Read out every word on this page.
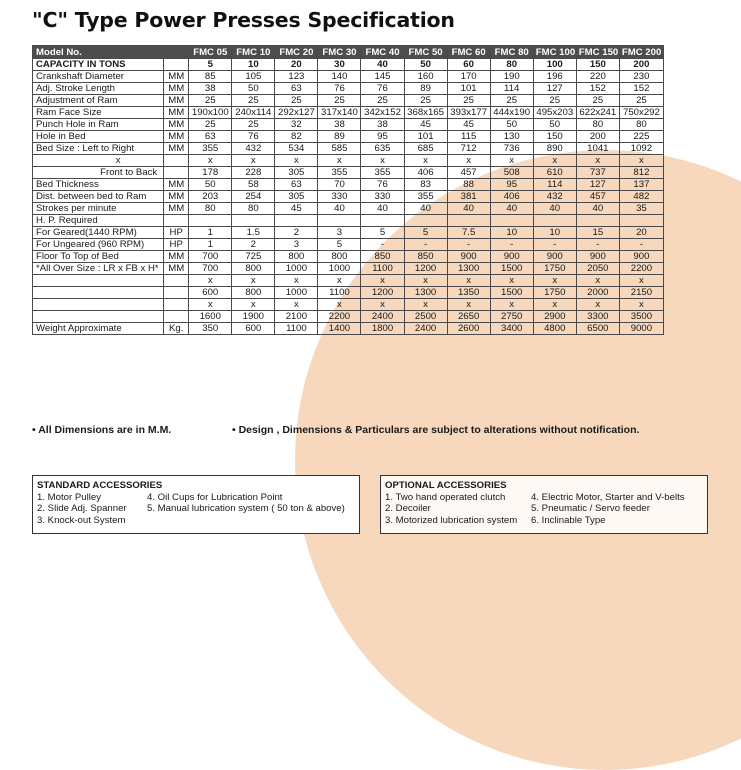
"C" Type Power Presses Specification
Model No.		FMC 05	FMC 10	FMC 20	FMC 30	FMC 40	FMC 50	FMC 60	FMC 80	FMC 100	FMC 150	FMC 200
CAPACITY IN TONS		5	10	20	30	40	50	60	80	100	150	200
Crankshaft Diameter	MM	85	105	123	140	145	160	170	190	196	220	230
Adj. Stroke Length	MM	38	50	63	76	76	89	101	114	127	152	152
Adjustment of Ram	MM	25	25	25	25	25	25	25	25	25	25	25
Ram Face Size	MM	190x100	240x114	292x127	317x140	342x152	368x165	393x177	444x190	495x203	622x241	750x292
Punch Hole in Ram	MM	25	25	32	38	38	45	45	50	50	80	80
Hole in Bed	MM	63	76	82	89	95	101	115	130	150	200	225
Bed Size : Left to Right	MM	355	432	534	585	635	685	712	736	890	1041	1092
x		x	x	x	x	x	x	x	x	x	x	x
Front to Back		178	228	305	355	355	406	457	508	610	737	812
Bed Thickness	MM	50	58	63	70	76	83	88	95	114	127	137
Dist. between bed to Ram	MM	203	254	305	330	330	355	381	406	432	457	482
Strokes per minute	MM	80	80	45	40	40	40	40	40	40	40	35
H. P. Required												
For Geared(1440 RPM)	HP	1	1.5	2	3	5	5	7.5	10	10	15	20
For Ungeared (960 RPM)	HP	1	2	3	5	-	-	-	-	-	-	-
Floor To Top of Bed	MM	700	725	800	800	850	850	900	900	900	900	900
*All Over Size : LR x FB x H*	MM	700	800	1000	1000	1100	1200	1300	1500	1750	2050	2200
		x	x	x	x	x	x	x	x	x	x	x
		600	800	1000	1100	1200	1300	1350	1500	1750	2000	2150
		x	x	x	x	x	x	x	x	x	x	x
		1600	1900	2100	2200	2400	2500	2650	2750	2900	3300	3500
Weight Approximate	Kg.	350	600	1100	1400	1800	2400	2600	3400	4800	6500	9000
• All Dimensions are in M.M.	• Design , Dimensions & Particulars are subject to alterations without notification.
STANDARD ACCESSORIES
1. Motor Pulley
2. Slide Adj. Spanner
3. Knock-out System
4. Oil Cups for Lubrication Point
5. Manual lubrication system ( 50 ton & above)
OPTIONAL ACCESSORIES
1. Two hand operated clutch
2. Decoiler
3. Motorized lubrication system
4. Electric Motor, Starter and V-belts
5. Pneumatic / Servo feeder
6. Inclinable Type
